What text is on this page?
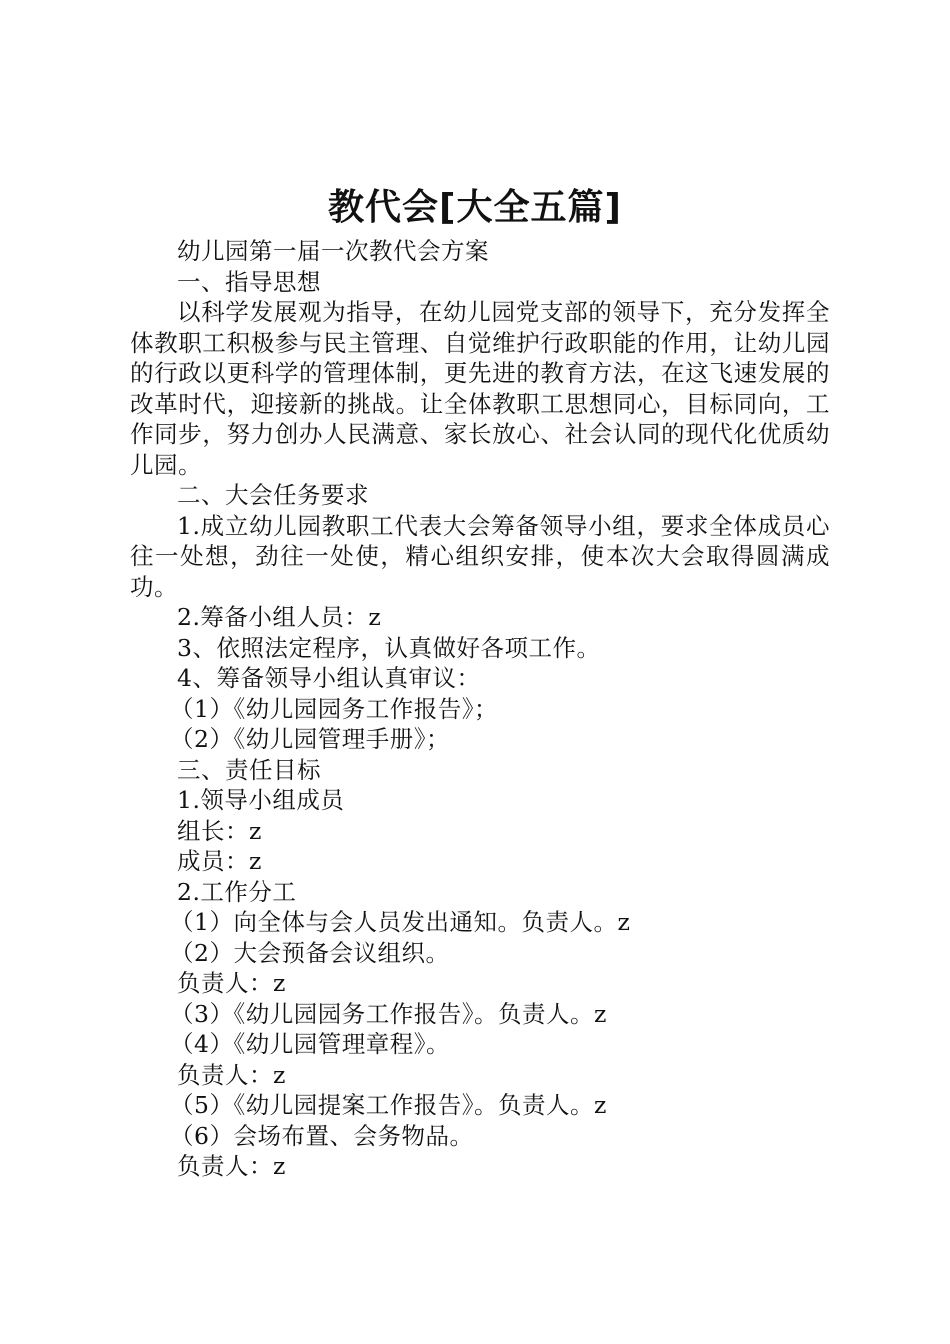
教代会[大全五篇]

幼儿园第一届一次教代会方案

一、指导思想

以科学发展观为指导，在幼儿园党支部的领导下，充分发挥全体教职工积极参与民主管理、自觉维护行政职能的作用，让幼儿园的行政以更科学的管理体制，更先进的教育方法，在这飞速发展的改革时代，迎接新的挑战。让全体教职工思想同心，目标同向，工作同步，努力创办人民满意、家长放心、社会认同的现代化优质幼儿园。

二、大会任务要求

1.成立幼儿园教职工代表大会筹备领导小组，要求全体成员心往一处想，劲往一处使，精心组织安排，使本次大会取得圆满成功。

2.筹备小组人员：z

3、依照法定程序，认真做好各项工作。

4、筹备领导小组认真审议：

（1）《幼儿园园务工作报告》；

（2）《幼儿园管理手册》；

三、责任目标

1.领导小组成员

组长：z

成员：z

2.工作分工

（1）向全体与会人员发出通知。负责人。z

（2）大会预备会议组织。

负责人：z

（3）《幼儿园园务工作报告》。负责人。z

（4）《幼儿园管理章程》。

负责人：z

（5）《幼儿园提案工作报告》。负责人。z

（6）会场布置、会务物品。

负责人：z
